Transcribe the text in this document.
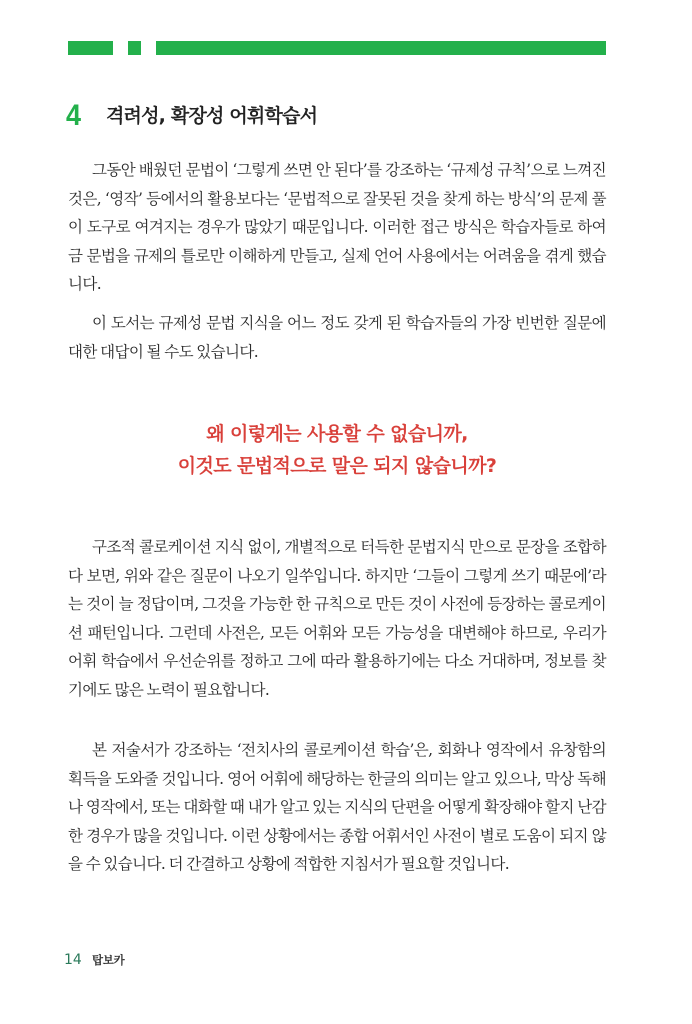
4	격려성, 확장성 어휘학습서

그동안 배웠던 문법이 ‘그렇게 쓰면 안 된다’를 강조하는 ‘규제성 규칙’으로 느껴진 것은, ‘영작’ 등에서의 활용보다는 ‘문법적으로 잘못된 것을 찾게 하는 방식’의 문제 풀이 도구로 여겨지는 경우가 많았기 때문입니다. 이러한 접근 방식은 학습자들로 하여금 문법을 규제의 틀로만 이해하게 만들고, 실제 언어 사용에서는 어려움을 겪게 했습니다.

이 도서는 규제성 문법 지식을 어느 정도 갖게 된 학습자들의 가장 빈번한 질문에 대한 대답이 될 수도 있습니다.

왜 이렇게는 사용할 수 없습니까,
이것도 문법적으로 말은 되지 않습니까?

구조적 콜로케이션 지식 없이, 개별적으로 터득한 문법지식 만으로 문장을 조합하다 보면, 위와 같은 질문이 나오기 일쑤입니다. 하지만 ‘그들이 그렇게 쓰기 때문에’라는 것이 늘 정답이며, 그것을 가능한 한 규칙으로 만든 것이 사전에 등장하는 콜로케이션 패턴입니다. 그런데 사전은, 모든 어휘와 모든 가능성을 대변해야 하므로, 우리가 어휘 학습에서 우선순위를 정하고 그에 따라 활용하기에는 다소 거대하며, 정보를 찾기에도 많은 노력이 필요합니다.

본 저술서가 강조하는 ‘전치사의 콜로케이션 학습’은, 회화나 영작에서 유창함의 획득을 도와줄 것입니다. 영어 어휘에 해당하는 한글의 의미는 알고 있으나, 막상 독해나 영작에서, 또는 대화할 때 내가 알고 있는 지식의 단편을 어떻게 확장해야 할지 난감한 경우가 많을 것입니다. 이런 상황에서는 종합 어휘서인 사전이 별로 도움이 되지 않을 수 있습니다. 더 간결하고 상황에 적합한 지침서가 필요할 것입니다.

14 탑보카
